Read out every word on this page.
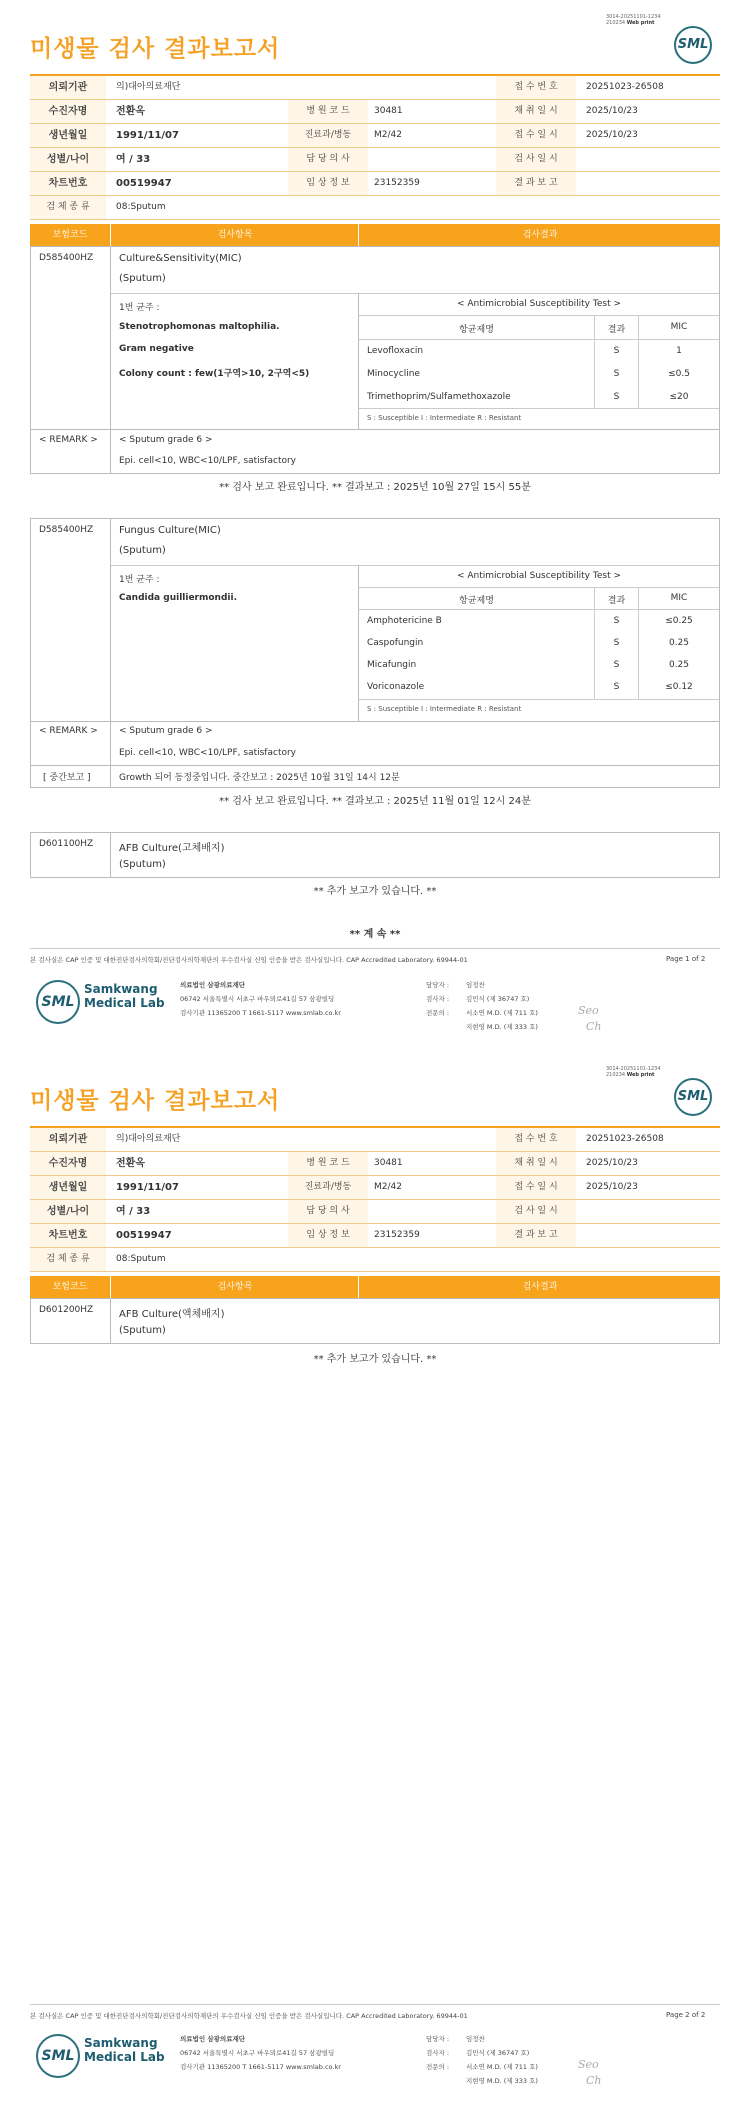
3014-20251101-1234
210234 Web print
SML
미생물 검사 결과보고서
의뢰기관	의)대아의료재단	접 수 번 호	20251023-26508
수진자명	전환옥	병 원 코 드	30481	채 취 일 시	2025/10/23
생년월일	1991/11/07	진료과/병동	M2/42	접 수 일 시	2025/10/23
성별/나이	여 / 33	담 당 의 사	검 사 일 시
차트번호	00519947	임 상 정 보	23152359	결 과 보 고
검 체 종 류	08:Sputum
보험코드	검사항목	검사결과
D585400HZ	Culture&Sensitivity(MIC)
(Sputum)
1번 균주 :
Stenotrophomonas maltophilia.
Gram negative
Colony count : few(1구역>10, 2구역<5)
< Antimicrobial Susceptibility Test >
항균제명	결과	MIC
Levofloxacin	S	1
Minocycline	S	≤0.5
Trimethoprim/Sulfamethoxazole	S	≤20
S : Susceptible I : Intermediate R : Resistant
< REMARK > < Sputum grade 6 >
Epi. cell<10, WBC<10/LPF, satisfactory
** 검사 보고 완료입니다. ** 결과보고 : 2025년 10월 27일 15시 55분
D585400HZ	Fungus Culture(MIC)
(Sputum)
1번 균주 :
Candida guilliermondii.
< Antimicrobial Susceptibility Test >
항균제명	결과	MIC
Amphotericine B	S	≤0.25
Caspofungin	S	0.25
Micafungin	S	0.25
Voriconazole	S	≤0.12
S : Susceptible I : Intermediate R : Resistant
< REMARK > < Sputum grade 6 >
Epi. cell<10, WBC<10/LPF, satisfactory
[ 중간보고 ]	Growth 되어 동정중입니다. 중간보고 : 2025년 10월 31일 14시 12분
** 검사 보고 완료입니다. ** 결과보고 : 2025년 11월 01일 12시 24분
D601100HZ	AFB Culture(고체배지)
(Sputum)
** 추가 보고가 있습니다. **
** 계 속 **
본 검사실은 CAP 인증 및 대한진단검사의학회/진단검사의학재단의 우수검사실 신임 인증을 받은 검사실입니다. CAP Accredited Laboratory. 69944-01	Page 1 of 2
SML
Samkwang
Medical Lab
의료법인 삼광의료재단
06742 서울특별시 서초구 바우뫼로41길 57 삼광빌딩
검사기관 11365200 T 1661-5117 www.smlab.co.kr
담당자 :	임정찬
검사자 :	김민식 (제 36747 호)
전문의 :	서소연 M.D. (제 711 호)
지현영 M.D. (제 333 호)
Seo
Ch
3014-20251101-1234
210234 Web print
SML
미생물 검사 결과보고서
의뢰기관	의)대아의료재단	접 수 번 호	20251023-26508
수진자명	전환옥	병 원 코 드	30481	채 취 일 시	2025/10/23
생년월일	1991/11/07	진료과/병동	M2/42	접 수 일 시	2025/10/23
성별/나이	여 / 33	담 당 의 사	검 사 일 시
차트번호	00519947	임 상 정 보	23152359	결 과 보 고
검 체 종 류	08:Sputum
보험코드	검사항목	검사결과
D601200HZ	AFB Culture(액체배지)
(Sputum)
** 추가 보고가 있습니다. **
본 검사실은 CAP 인증 및 대한진단검사의학회/진단검사의학재단의 우수검사실 신임 인증을 받은 검사실입니다. CAP Accredited Laboratory. 69944-01	Page 2 of 2
SML
Samkwang
Medical Lab
의료법인 삼광의료재단
06742 서울특별시 서초구 바우뫼로41길 57 삼광빌딩
검사기관 11365200 T 1661-5117 www.smlab.co.kr
담당자 :	임정찬
검사자 :	김민식 (제 36747 호)
전문의 :	서소연 M.D. (제 711 호)
지현영 M.D. (제 333 호)
Seo
Ch
